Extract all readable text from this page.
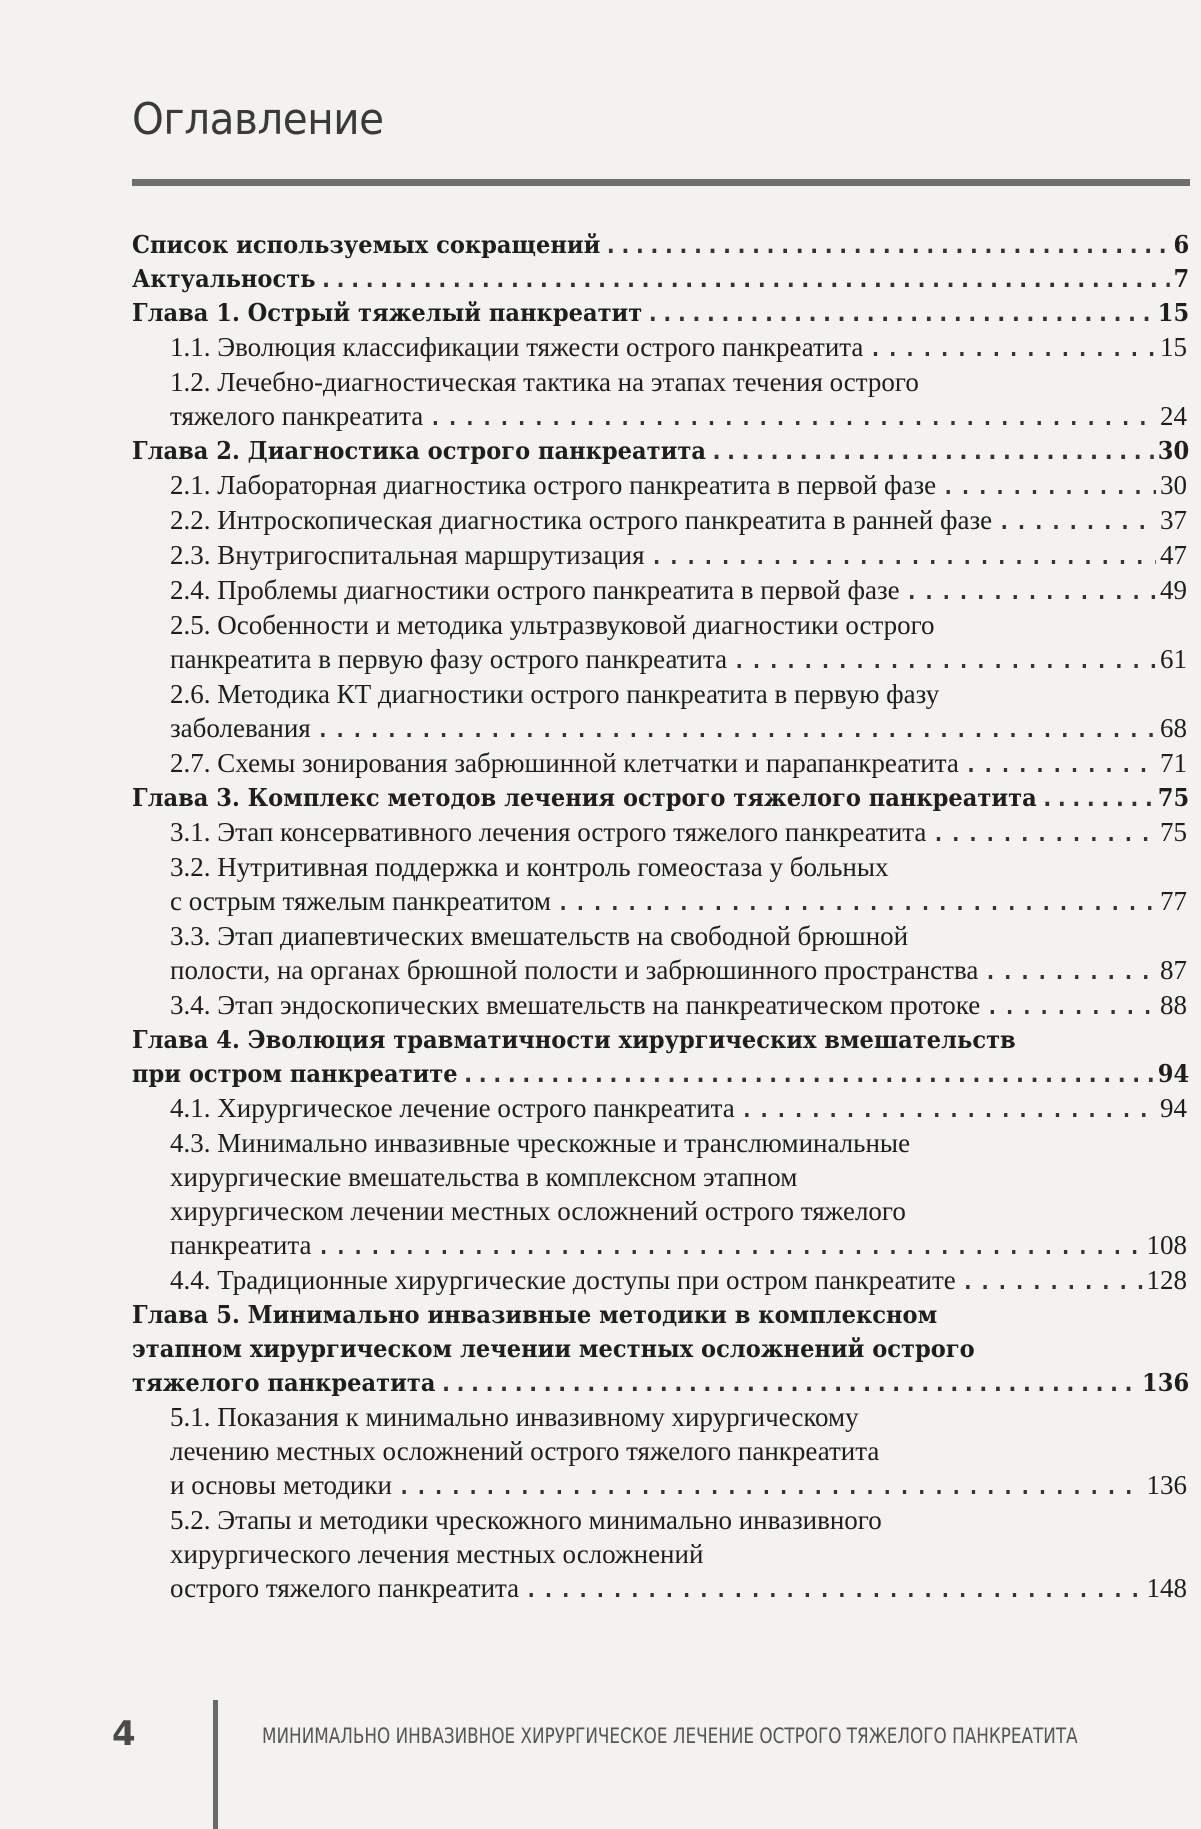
Оглавление
Список используемых сокращений .....	6
Актуальность .....	7
Глава 1. Острый тяжелый панкреатит .....	15
1.1. Эволюция классификации тяжести острого панкреатита .....	15
1.2. Лечебно-диагностическая тактика на этапах течения острого
тяжелого панкреатита .....	24
Глава 2. Диагностика острого панкреатита .....	30
2.1. Лабораторная диагностика острого панкреатита в первой фазе .....	30
2.2. Интроскопическая диагностика острого панкреатита в ранней фазе .....	37
2.3. Внутригоспитальная маршрутизация .....	47
2.4. Проблемы диагностики острого панкреатита в первой фазе .....	49
2.5. Особенности и методика ультразвуковой диагностики острого
панкреатита в первую фазу острого панкреатита .....	61
2.6. Методика КТ диагностики острого панкреатита в первую фазу
заболевания .....	68
2.7. Схемы зонирования забрюшинной клетчатки и парапанкреатита .....	71
Глава 3. Комплекс методов лечения острого тяжелого панкреатита .....	75
3.1. Этап консервативного лечения острого тяжелого панкреатита .....	75
3.2. Нутритивная поддержка и контроль гомеостаза у больных
с острым тяжелым панкреатитом .....	77
3.3. Этап диапевтических вмешательств на свободной брюшной
полости, на органах брюшной полости и забрюшинного пространства .....	87
3.4. Этап эндоскопических вмешательств на панкреатическом протоке .....	88
Глава 4. Эволюция травматичности хирургических вмешательств
при остром панкреатите .....	94
4.1. Хирургическое лечение острого панкреатита .....	94
4.3. Минимально инвазивные чрескожные и транслюминальные
хирургические вмешательства в комплексном этапном
хирургическом лечении местных осложнений острого тяжелого
панкреатита .....	108
4.4. Традиционные хирургические доступы при остром панкреатите .....	128
Глава 5. Минимально инвазивные методики в комплексном
этапном хирургическом лечении местных осложнений острого
тяжелого панкреатита .....	136
5.1. Показания к минимально инвазивному хирургическому
лечению местных осложнений острого тяжелого панкреатита
и основы методики .....	136
5.2. Этапы и методики чрескожного минимально инвазивного
хирургического лечения местных осложнений
острого тяжелого панкреатита .....	148
4	МИНИМАЛЬНО ИНВАЗИВНОЕ ХИРУРГИЧЕСКОЕ ЛЕЧЕНИЕ ОСТРОГО ТЯЖЕЛОГО ПАНКРЕАТИТА
